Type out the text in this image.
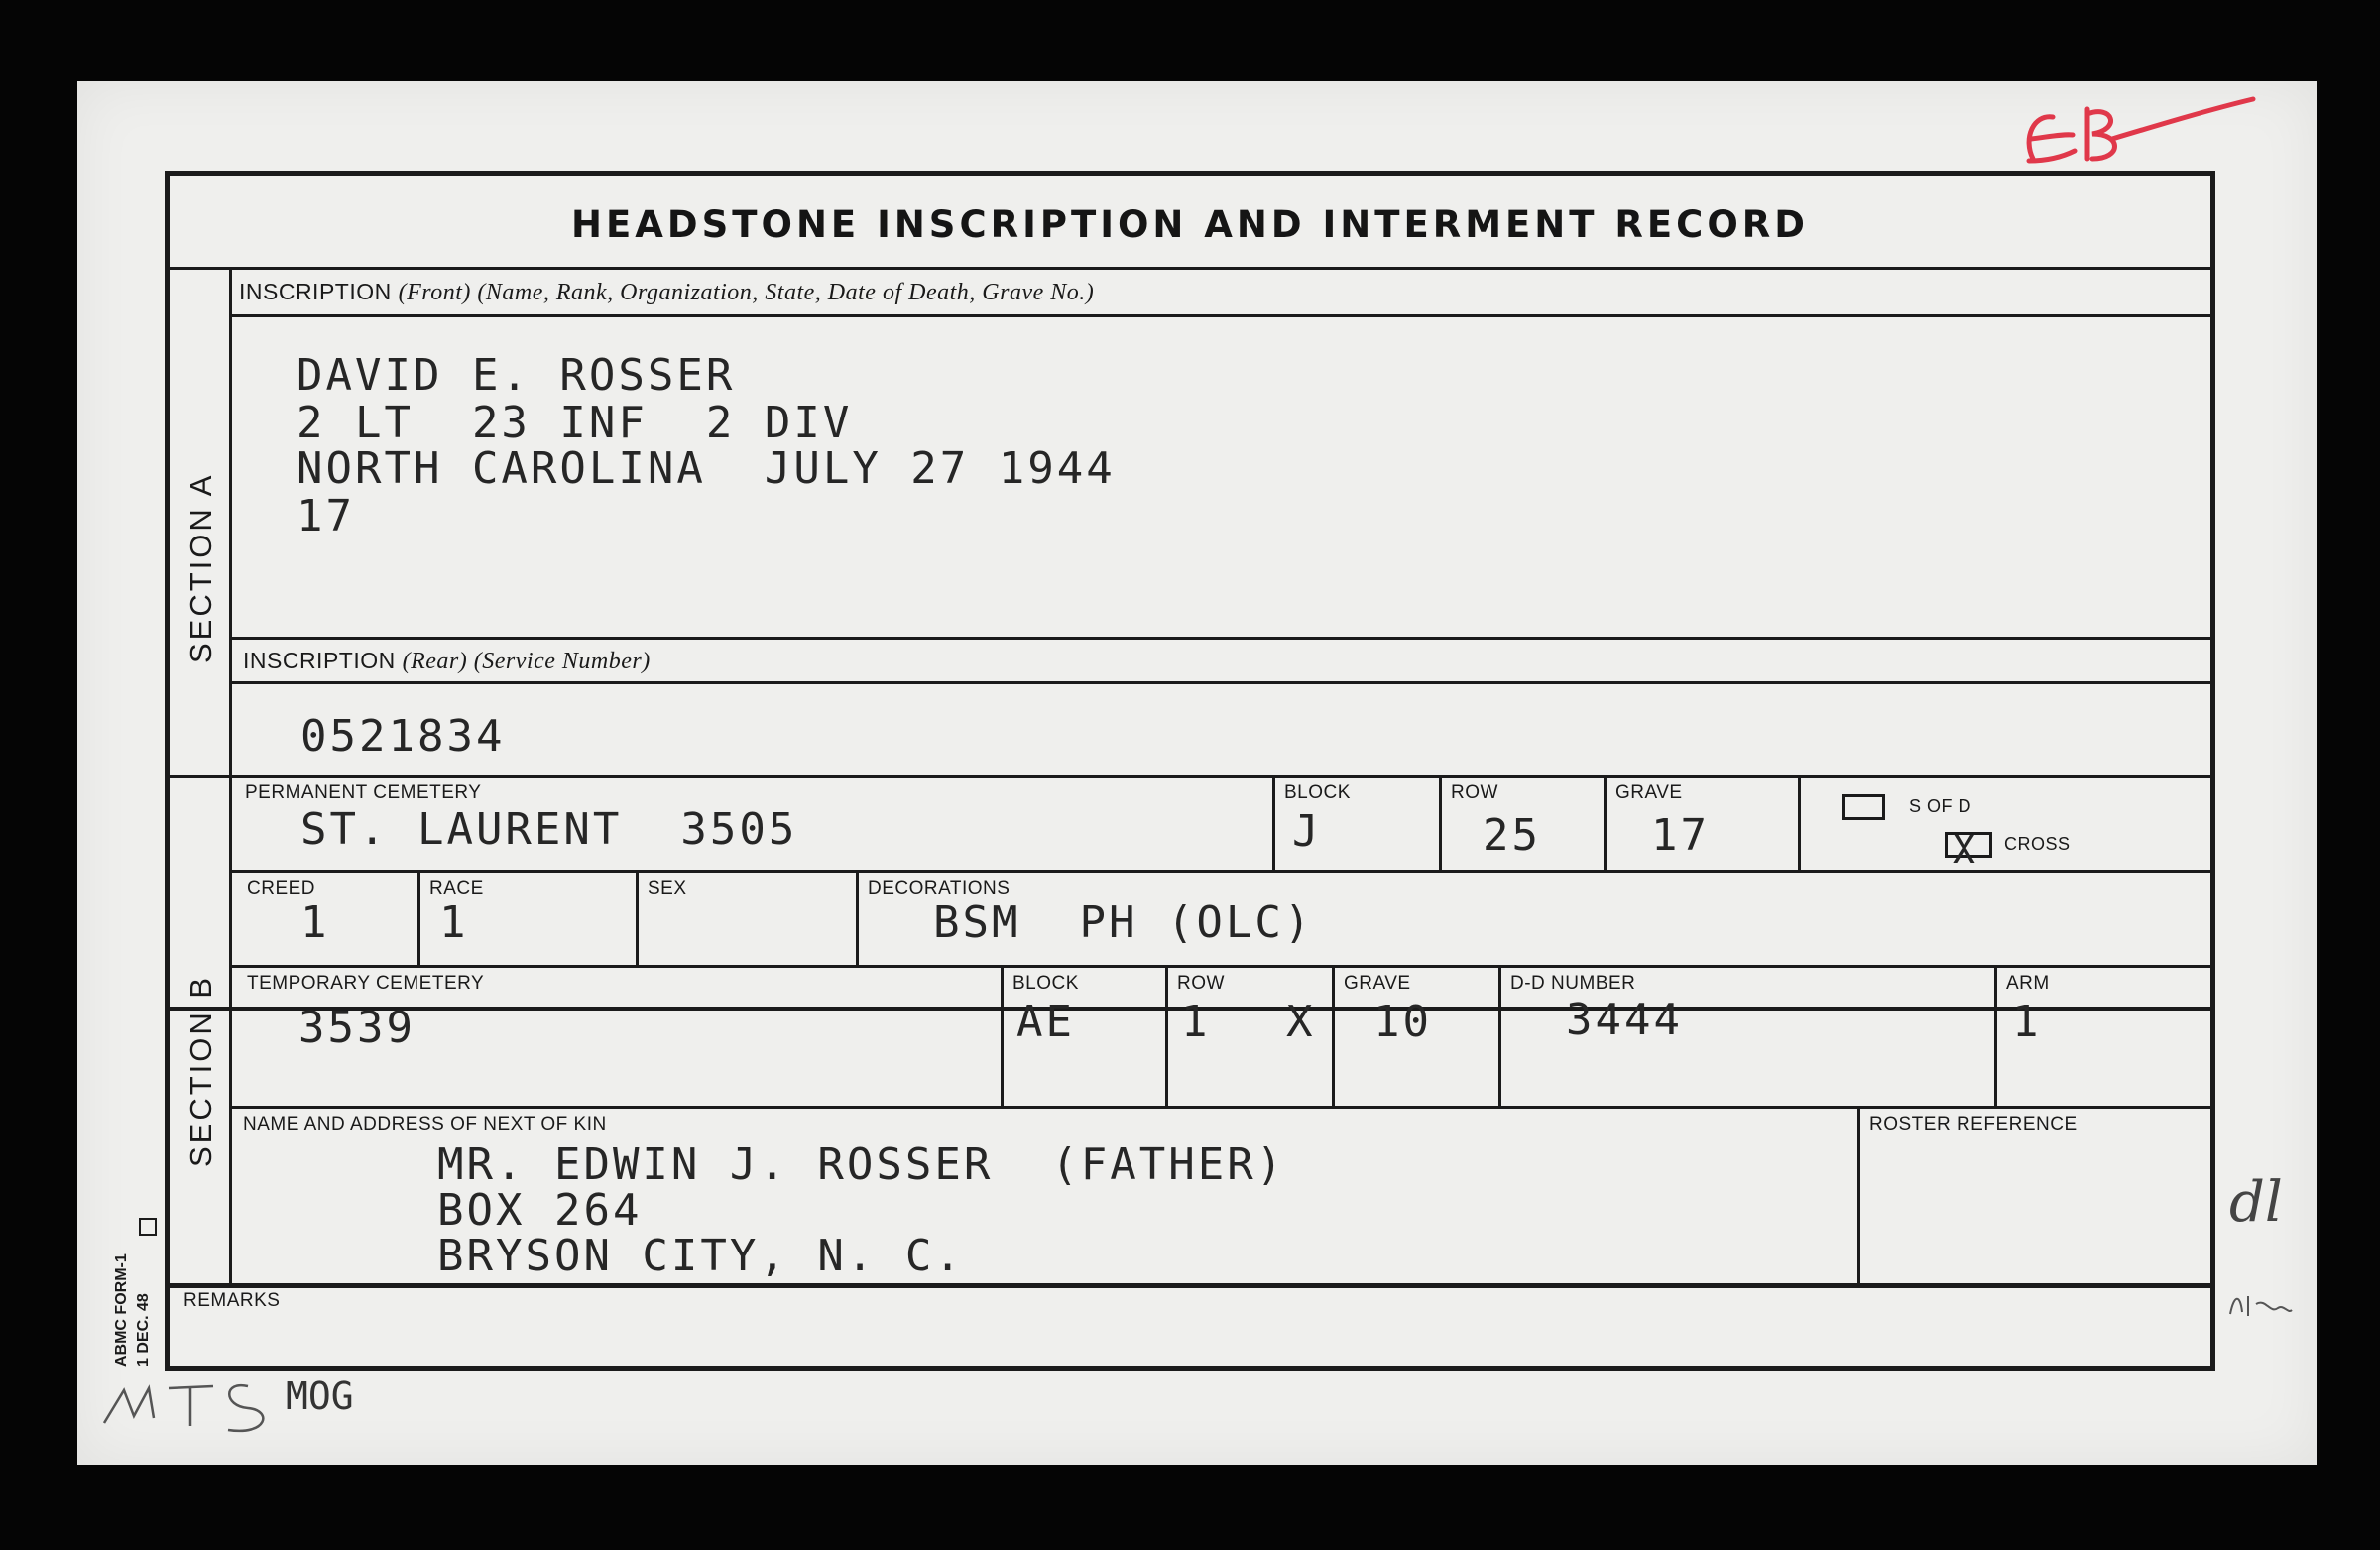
HEADSTONE INSCRIPTION AND INTERMENT RECORD
SECTION A
SECTION B
INSCRIPTION (Front) (Name, Rank, Organization, State, Date of Death, Grave No.)
DAVID E. ROSSER
2 LT  23 INF  2 DIV
NORTH CAROLINA  JULY 27 1944
17
INSCRIPTION (Rear) (Service Number)
0521834
PERMANENT CEMETERY
ST. LAURENT  3505
BLOCK
J
ROW
25
GRAVE
17
S OF D
X CROSS
CREED
1
RACE
1
SEX	DECORATIONS
BSM  PH (OLC)
TEMPORARY CEMETERY
3539
BLOCK
AE
ROW
1 X
GRAVE
10
D-D NUMBER
3444
ARM
1
NAME AND ADDRESS OF NEXT OF KIN
MR. EDWIN J. ROSSER  (FATHER)
BOX 264
BRYSON CITY, N. C.
ROSTER REFERENCE
REMARKS
ABMC FORM-1 1 DEC. 48
MOG
dl
